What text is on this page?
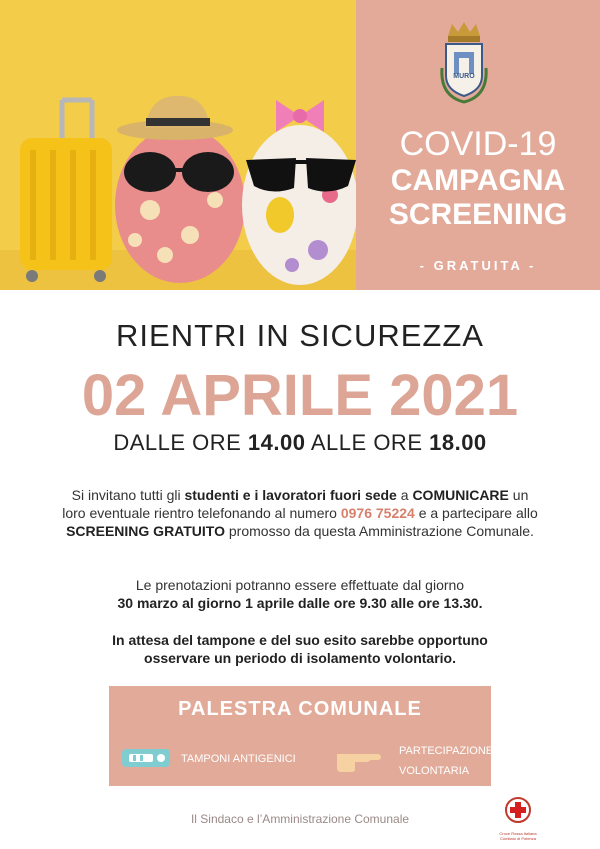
MURO
COVID-19
CAMPAGNA
SCREENING
- GRATUITA -
RIENTRI IN SICUREZZA
02 APRILE 2021
DALLE ORE 14.00 ALLE ORE 18.00
Si invitano tutti gli studenti e i lavoratori fuori sede a COMUNICARE un loro eventuale rientro telefonando al numero 0976 75224 e a partecipare allo SCREENING GRATUITO promosso da questa Amministrazione Comunale.
Le prenotazioni potranno essere effettuate dal giorno
30 marzo al giorno 1 aprile dalle ore 9.30 alle ore 13.30.
In attesa del tampone e del suo esito sarebbe opportuno osservare un periodo di isolamento volontario.
PALESTRA COMUNALE
TAMPONI ANTIGENICI
PARTECIPAZIONE
VOLONTARIA
Il Sindaco e l’Amministrazione Comunale
Croce Rossa Italiana
Comitato di Potenza
